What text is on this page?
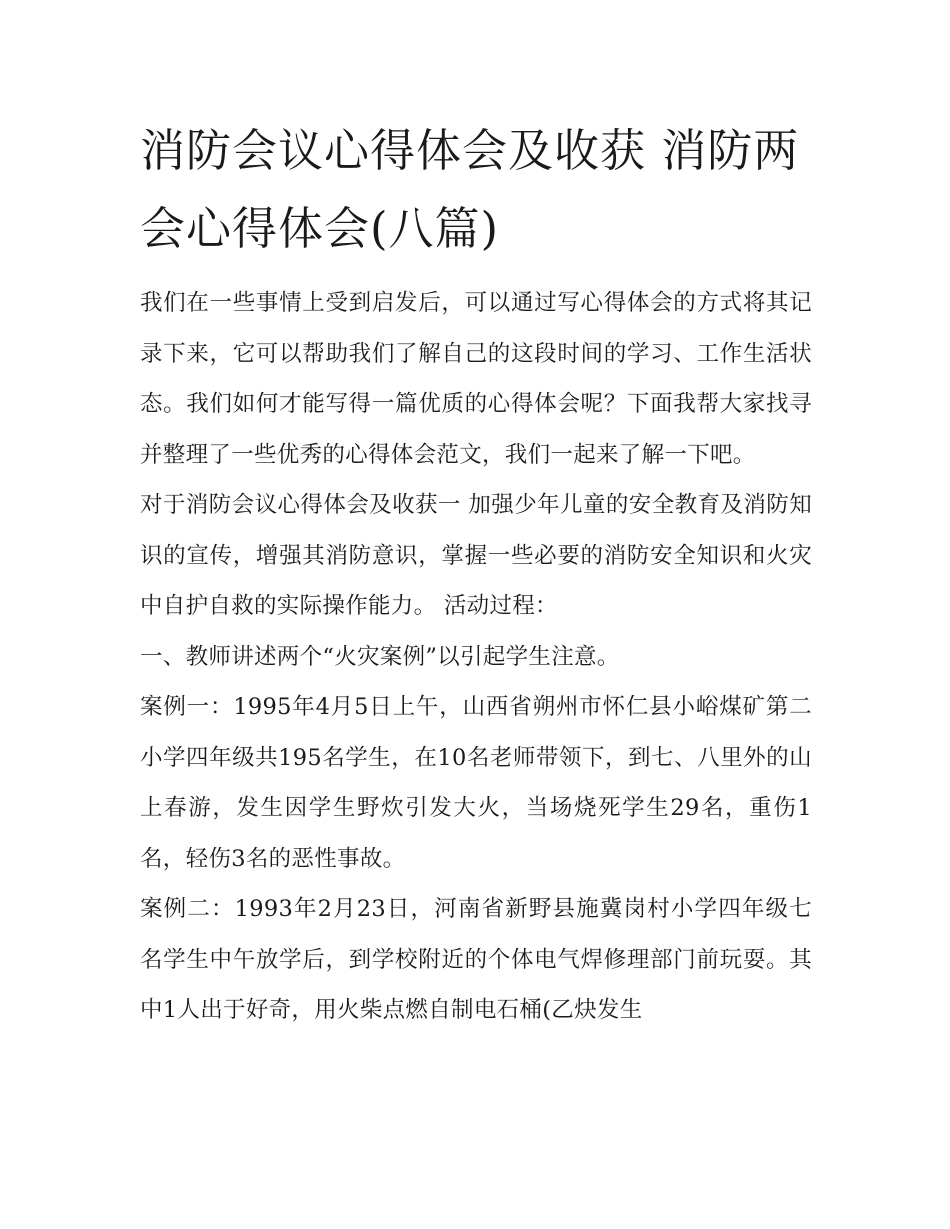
消防会议心得体会及收获 消防两会心得体会(八篇)

我们在一些事情上受到启发后，可以通过写心得体会的方式将其记录下来，它可以帮助我们了解自己的这段时间的学习、工作生活状态。我们如何才能写得一篇优质的心得体会呢？下面我帮大家找寻并整理了一些优秀的心得体会范文，我们一起来了解一下吧。

对于消防会议心得体会及收获一 加强少年儿童的安全教育及消防知识的宣传，增强其消防意识，掌握一些必要的消防安全知识和火灾中自护自救的实际操作能力。 活动过程：

一、教师讲述两个“火灾案例”以引起学生注意。

案例一：1995年4月5日上午，山西省朔州市怀仁县小峪煤矿第二小学四年级共195名学生，在10名老师带领下，到七、八里外的山上春游，发生因学生野炊引发大火，当场烧死学生29名，重伤1名，轻伤3名的恶性事故。

案例二：1993年2月23日，河南省新野县施冀岗村小学四年级七名学生中午放学后，到学校附近的个体电气焊修理部门前玩耍。其中1人出于好奇，用火柴点燃自制电石桶(乙炔发生
